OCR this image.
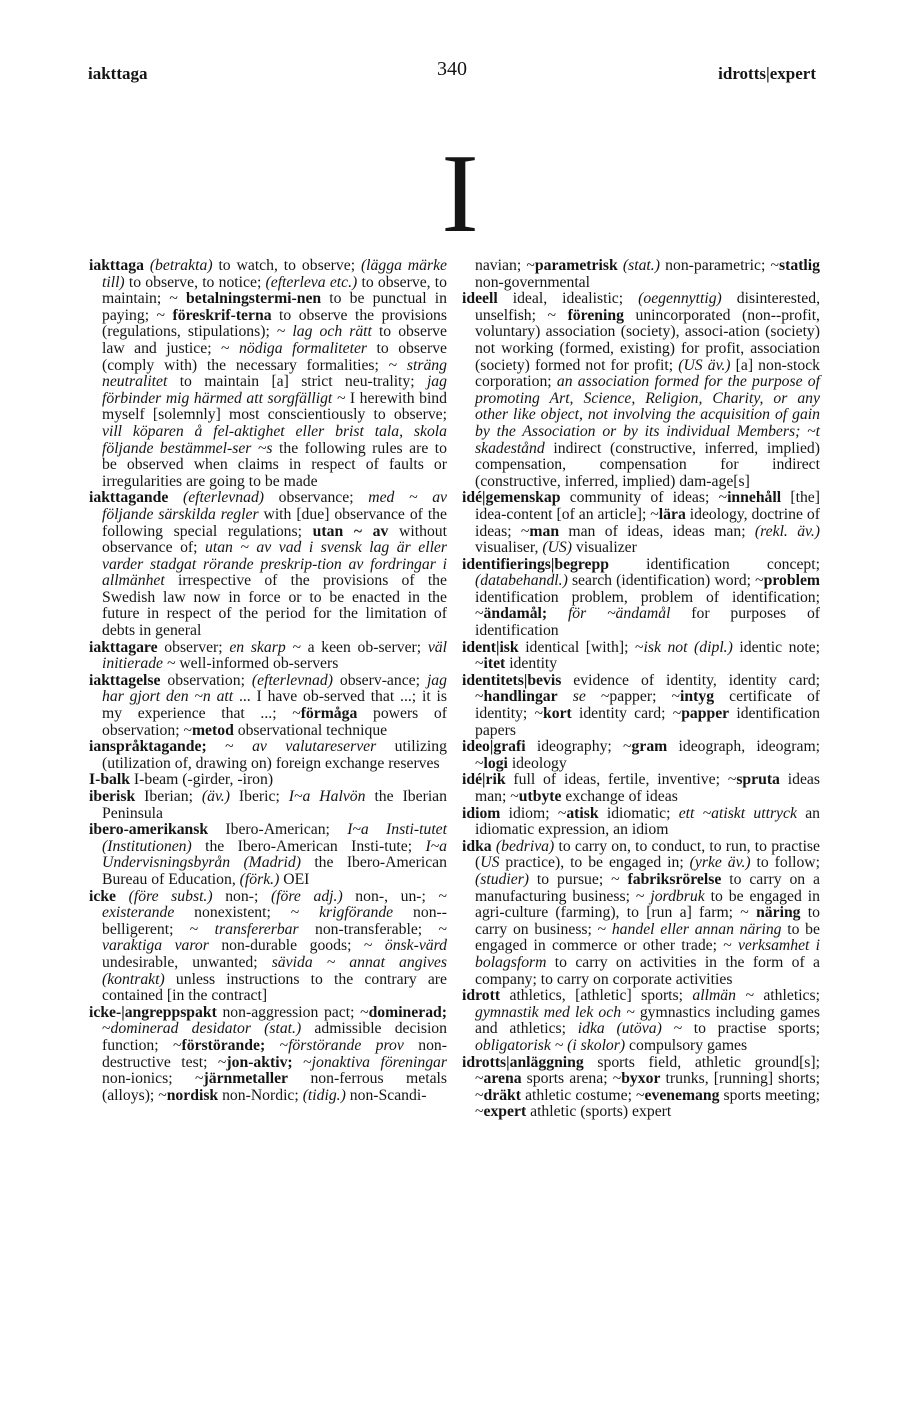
iakttaga	340	idrotts|expert
I

iakttaga (betrakta) to watch, to observe; (lägga märke till) to observe, to notice; (efterleva etc.) to observe, to maintain; ~ betalningstermi-nen to be punctual in paying; ~ föreskrif-terna to observe the provisions (regulations, stipulations); ~ lag och rätt to observe law and justice; ~ nödiga formaliteter to observe (comply with) the necessary formalities; ~ sträng neutralitet to maintain [a] strict neu-trality; jag förbinder mig härmed att sorgfälligt ~ I herewith bind myself [solemnly] most conscientiously to observe; vill köparen å fel-aktighet eller brist tala, skola följande bestämmel-ser ~s the following rules are to be observed when claims in respect of faults or irregularities are going to be made

iakttagande (efterlevnad) observance; med ~ av följande särskilda regler with [due] observance of the following special regulations; utan ~ av without observance of; utan ~ av vad i svensk lag är eller varder stadgat rörande preskrip-tion av fordringar i allmänhet irrespective of the provisions of the Swedish law now in force or to be enacted in the future in respect of the period for the limitation of debts in general

iakttagare observer; en skarp ~ a keen ob-server; väl initierade ~ well-informed ob-servers

iakttagelse observation; (efterlevnad) observ-ance; jag har gjort den ~n att ... I have ob-served that ...; it is my experience that ...; ~förmåga powers of observation; ~metod observational technique

ianspråktagande; ~ av valutareserver utilizing (utilization of, drawing on) foreign exchange reserves

I-balk I-beam (-girder, -iron)

iberisk Iberian; (äv.) Iberic; I~a Halvön the Iberian Peninsula

ibero-amerikansk Ibero-American; I~a Insti-tutet (Institutionen) the Ibero-American Insti-tute; I~a Undervisningsbyrån (Madrid) the Ibero-American Bureau of Education, (förk.) OEI

icke (före subst.) non-; (före adj.) non-, un-; ~ existerande nonexistent; ~ krigförande non--belligerent; ~ transfererbar non-transferable; ~ varaktiga varor non-durable goods; ~ önsk-värd undesirable, unwanted; sävida ~ annat angives (kontrakt) unless instructions to the contrary are contained [in the contract]

icke-|angreppspakt non-aggression pact; ~dominerad; ~dominerad desidator (stat.) admissible decision function; ~förstörande; ~förstörande prov non-destructive test; ~jon-aktiv; ~jonaktiva föreningar non-ionics; ~järnmetaller non-ferrous metals (alloys); ~nordisk non-Nordic; (tidig.) non-Scandi-

navian; ~parametrisk (stat.) non-parametric; ~statlig non-governmental

ideell ideal, idealistic; (oegennyttig) disinterested, unselfish; ~ förening unincorporated (non--profit, voluntary) association (society), associ-ation (society) not working (formed, existing) for profit, association (society) formed not for profit; (US äv.) [a] non-stock corporation; an association formed for the purpose of promoting Art, Science, Religion, Charity, or any other like object, not involving the acquisition of gain by the Association or by its individual Members; ~t skadestånd indirect (constructive, inferred, implied) compensation, compensation for indirect (constructive, inferred, implied) dam-age[s]

idé|gemenskap community of ideas; ~innehåll [the] idea-content [of an article]; ~lära ideology, doctrine of ideas; ~man man of ideas, ideas man; (rekl. äv.) visualiser, (US) visualizer

identifierings|begrepp identification concept; (databehandl.) search (identification) word; ~problem identification problem, problem of identification; ~ändamål; för ~ändamål for purposes of identification

ident|isk identical [with]; ~isk not (dipl.) identic note; ~itet identity

identitets|bevis evidence of identity, identity card; ~handlingar se ~papper; ~intyg certificate of identity; ~kort identity card; ~papper identification papers

ideo|grafi ideography; ~gram ideograph, ideogram; ~logi ideology

idé|rik full of ideas, fertile, inventive; ~spruta ideas man; ~utbyte exchange of ideas

idiom idiom; ~atisk idiomatic; ett ~atiskt uttryck an idiomatic expression, an idiom

idka (bedriva) to carry on, to conduct, to run, to practise (US practice), to be engaged in; (yrke äv.) to follow; (studier) to pursue; ~ fabriksrörelse to carry on a manufacturing business; ~ jordbruk to be engaged in agri-culture (farming), to [run a] farm; ~ näring to carry on business; ~ handel eller annan näring to be engaged in commerce or other trade; ~ verksamhet i bolagsform to carry on activities in the form of a company; to carry on corporate activities

idrott athletics, [athletic] sports; allmän ~ athletics; gymnastik med lek och ~ gymnastics including games and athletics; idka (utöva) ~ to practise sports; obligatorisk ~ (i skolor) compulsory games

idrotts|anläggning sports field, athletic ground[s]; ~arena sports arena; ~byxor trunks, [running] shorts; ~dräkt athletic costume; ~evenemang sports meeting; ~expert athletic (sports) expert
